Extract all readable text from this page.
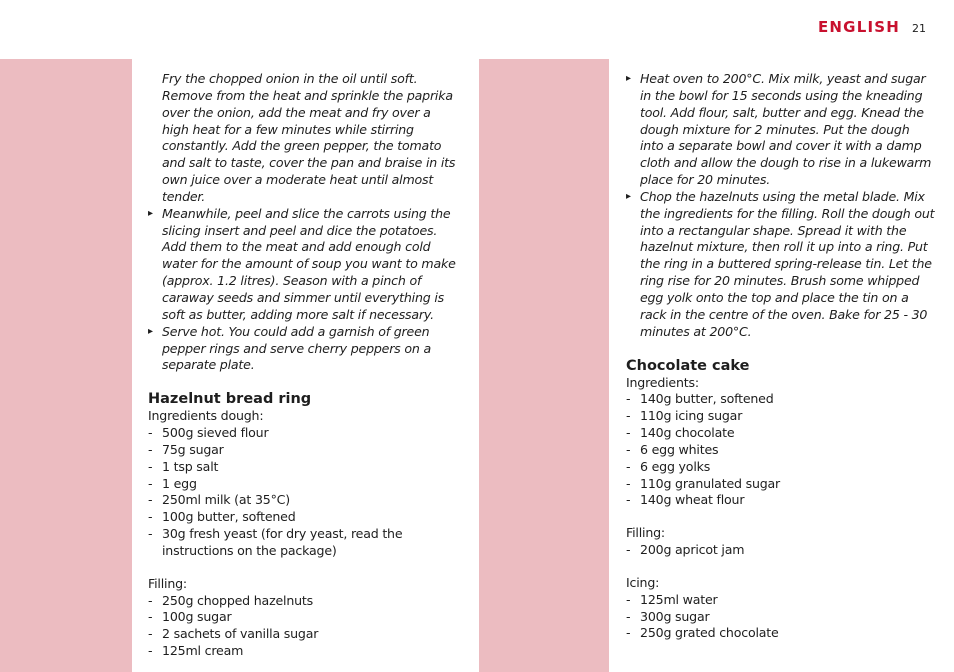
ENGLISH 21
Fry the chopped onion in the oil until soft. Remove from the heat and sprinkle the paprika over the onion, add the meat and fry over a high heat for a few minutes while stirring constantly. Add the green pepper, the tomato and salt to taste, cover the pan and braise in its own juice over a moderate heat until almost tender.
▸ Meanwhile, peel and slice the carrots using the slicing insert and peel and dice the potatoes. Add them to the meat and add enough cold water for the amount of soup you want to make (approx. 1.2 litres). Season with a pinch of caraway seeds and simmer until everything is soft as butter, adding more salt if necessary.
▸ Serve hot. You could add a garnish of green pepper rings and serve cherry peppers on a separate plate.
Hazelnut bread ring
Ingredients dough:
- 500g sieved flour
- 75g sugar
- 1 tsp salt
- 1 egg
- 250ml milk (at 35°C)
- 100g butter, softened
- 30g fresh yeast (for dry yeast, read the instructions on the package)
Filling:
- 250g chopped hazelnuts
- 100g sugar
- 2 sachets of vanilla sugar
- 125ml cream
▸ Heat oven to 200°C. Mix milk, yeast and sugar in the bowl for 15 seconds using the kneading tool. Add flour, salt, butter and egg. Knead the dough mixture for 2 minutes. Put the dough into a separate bowl and cover it with a damp cloth and allow the dough to rise in a lukewarm place for 20 minutes.
▸ Chop the hazelnuts using the metal blade. Mix the ingredients for the filling. Roll the dough out into a rectangular shape. Spread it with the hazelnut mixture, then roll it up into a ring. Put the ring in a buttered spring-release tin. Let the ring rise for 20 minutes. Brush some whipped egg yolk onto the top and place the tin on a rack in the centre of the oven. Bake for 25 - 30 minutes at 200°C.
Chocolate cake
Ingredients:
- 140g butter, softened
- 110g icing sugar
- 140g chocolate
- 6 egg whites
- 6 egg yolks
- 110g granulated sugar
- 140g wheat flour
Filling:
- 200g apricot jam
Icing:
- 125ml water
- 300g sugar
- 250g grated chocolate
